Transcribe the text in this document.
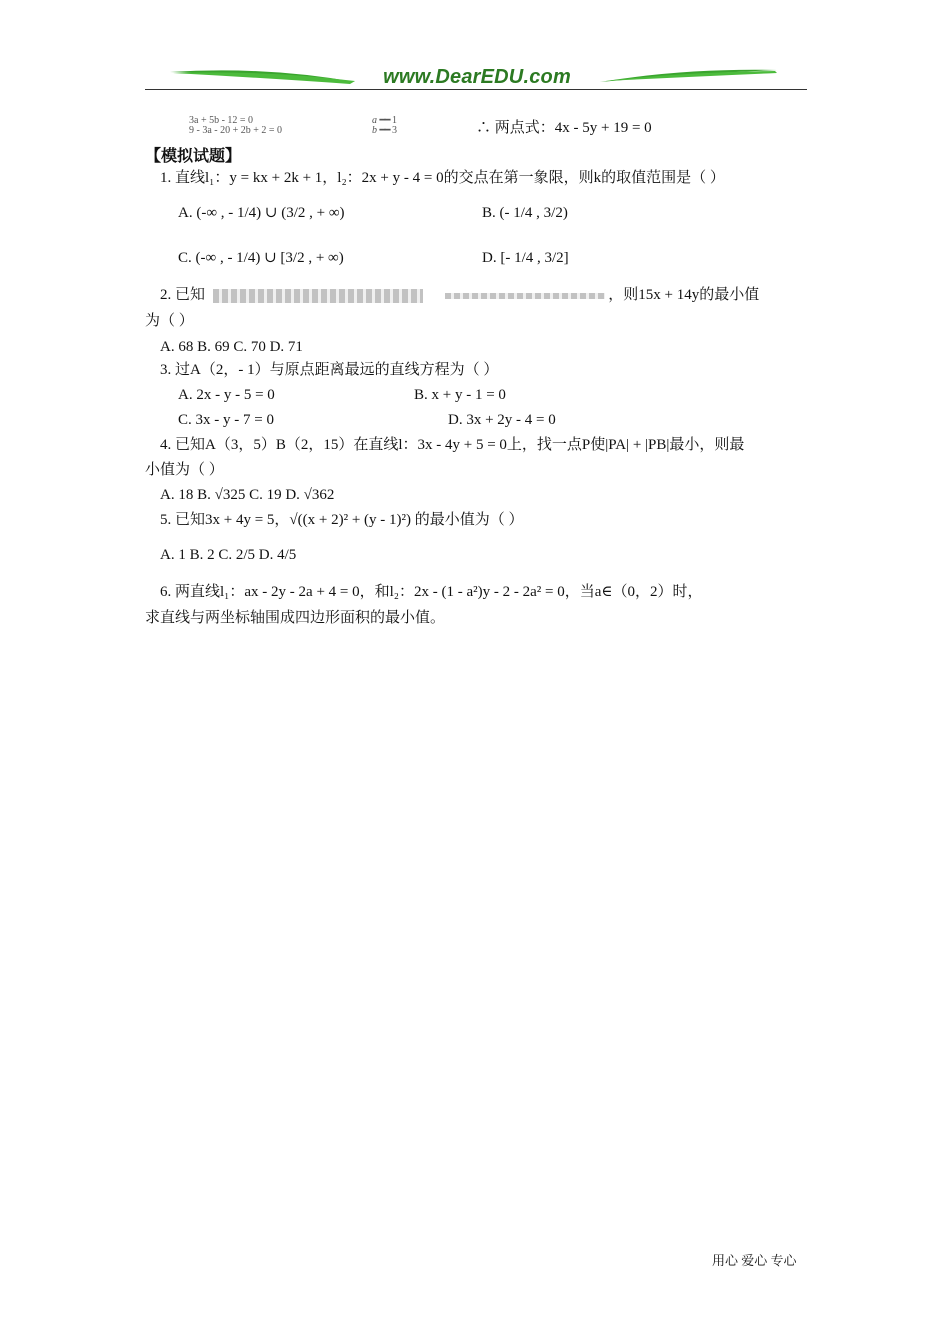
www.DearEDU.com
3a + 5b - 12 = 0
9 - 3a - 20 + 2b + 2 = 0
a ━━ 1
b ━━ 3	∴ 两点式：4x - 5y + 19 = 0
【模拟试题】
1. 直线l₁：y = kx + 2k + 1，l₂：2x + y - 4 = 0的交点在第一象限，则k的取值范围是（ ）
A. (-∞ , - 1/4) ∪ (3/2 , + ∞)	B. (- 1/4 , 3/2)
C. (-∞ , - 1/4) ∪ [3/2 , + ∞)	D. [- 1/4 , 3/2]
2. 已知	，则15x + 14y的最小值
为（ ）
A. 68 B. 69 C. 70 D. 71
3. 过A（2，- 1）与原点距离最远的直线方程为（ ）
A. 2x - y - 5 = 0	B. x + y - 1 = 0
C. 3x - y - 7 = 0	D. 3x + 2y - 4 = 0
4. 已知A（3，5）B（2，15）在直线l：3x - 4y + 5 = 0上，找一点P使|PA| + |PB|最小，则最
小值为（ ）
A. 18 B. √325 C. 19 D. √362
5. 已知3x + 4y = 5，√((x + 2)² + (y - 1)²) 的最小值为（ ）
A. 1 B. 2 C. 2/5 D. 4/5
6. 两直线l₁：ax - 2y - 2a + 4 = 0，和l₂：2x - (1 - a²)y - 2 - 2a² = 0，当a∈（0，2）时，
求直线与两坐标轴围成四边形面积的最小值。
用心 爱心 专心
